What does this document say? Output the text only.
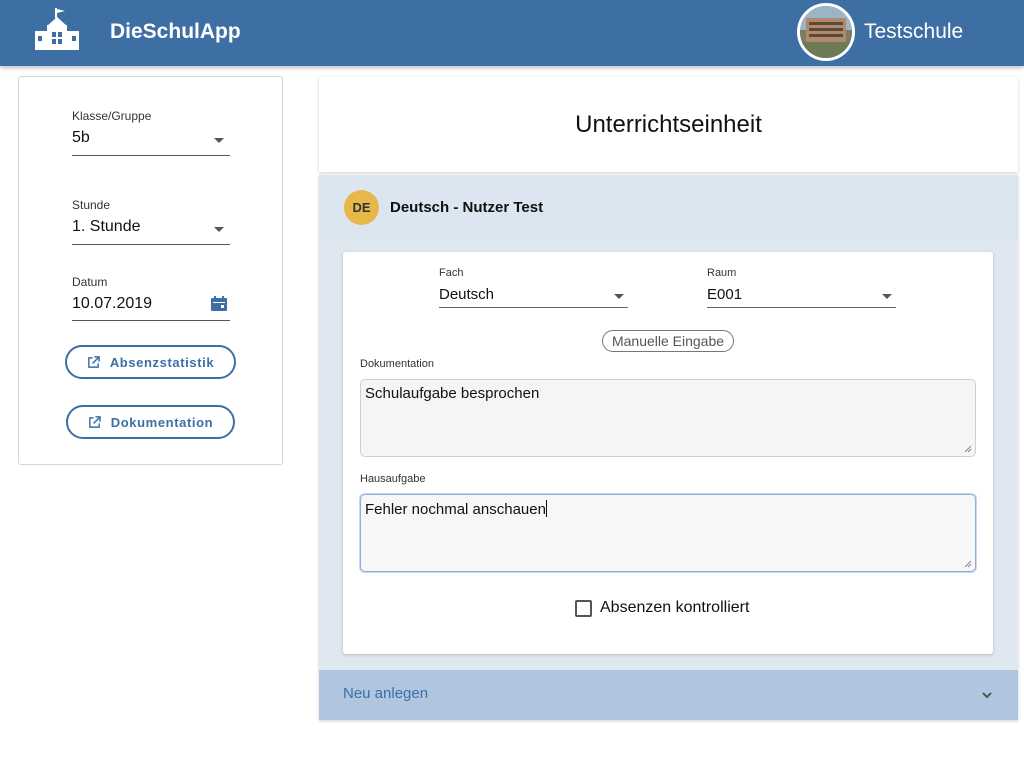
DieSchulApp	Testschule
Klasse/Gruppe
5b
Stunde
1. Stunde
Datum
10.07.2019
Absenzstatistik
Dokumentation
Unterrichtseinheit
DE	Deutsch - Nutzer Test
Fach
Deutsch
Raum
E001
Manuelle Eingabe
Dokumentation
Schulaufgabe besprochen
Hausaufgabe
Fehler nochmal anschauen
Absenzen kontrolliert
Neu anlegen
